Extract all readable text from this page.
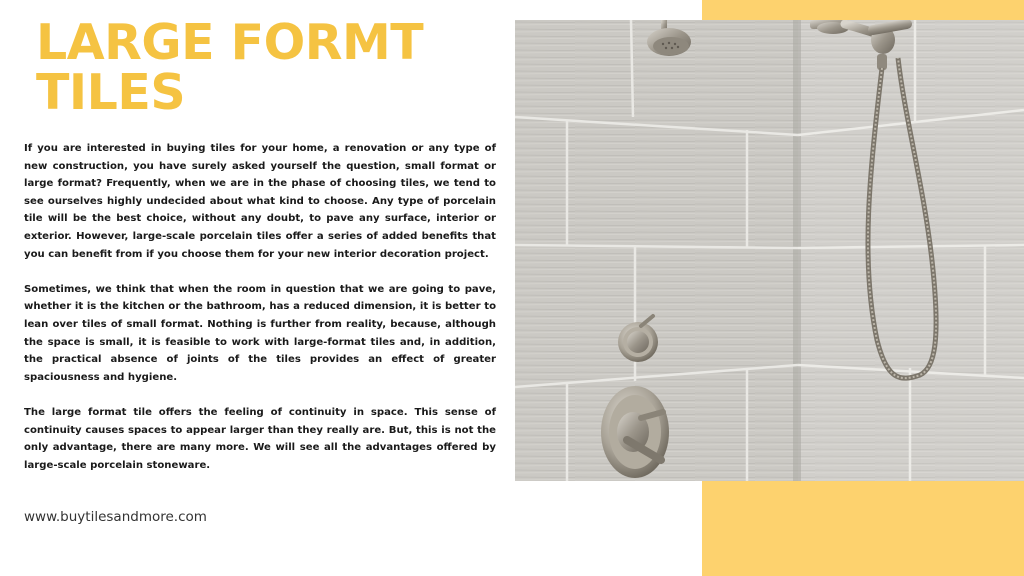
LARGE FORMT
TILES

If you are interested in buying tiles for your home, a renovation or any type of new construction, you have surely asked yourself the question, small format or large format? Frequently, when we are in the phase of choosing tiles, we tend to see ourselves highly undecided about what kind to choose. Any type of porcelain tile will be the best choice, without any doubt, to pave any surface, interior or exterior. However, large-scale porcelain tiles offer a series of added benefits that you can benefit from if you choose them for your new interior decoration project.

Sometimes, we think that when the room in question that we are going to pave, whether it is the kitchen or the bathroom, has a reduced dimension, it is better to lean over tiles of small format. Nothing is further from reality, because, although the space is small, it is feasible to work with large-format tiles and, in addition, the practical absence of joints of the tiles provides an effect of greater spaciousness and hygiene.

The large format tile offers the feeling of continuity in space. This sense of continuity causes spaces to appear larger than they really are. But, this is not the only advantage, there are many more. We will see all the advantages offered by large-scale porcelain stoneware.

www.buytilesandmore.com
